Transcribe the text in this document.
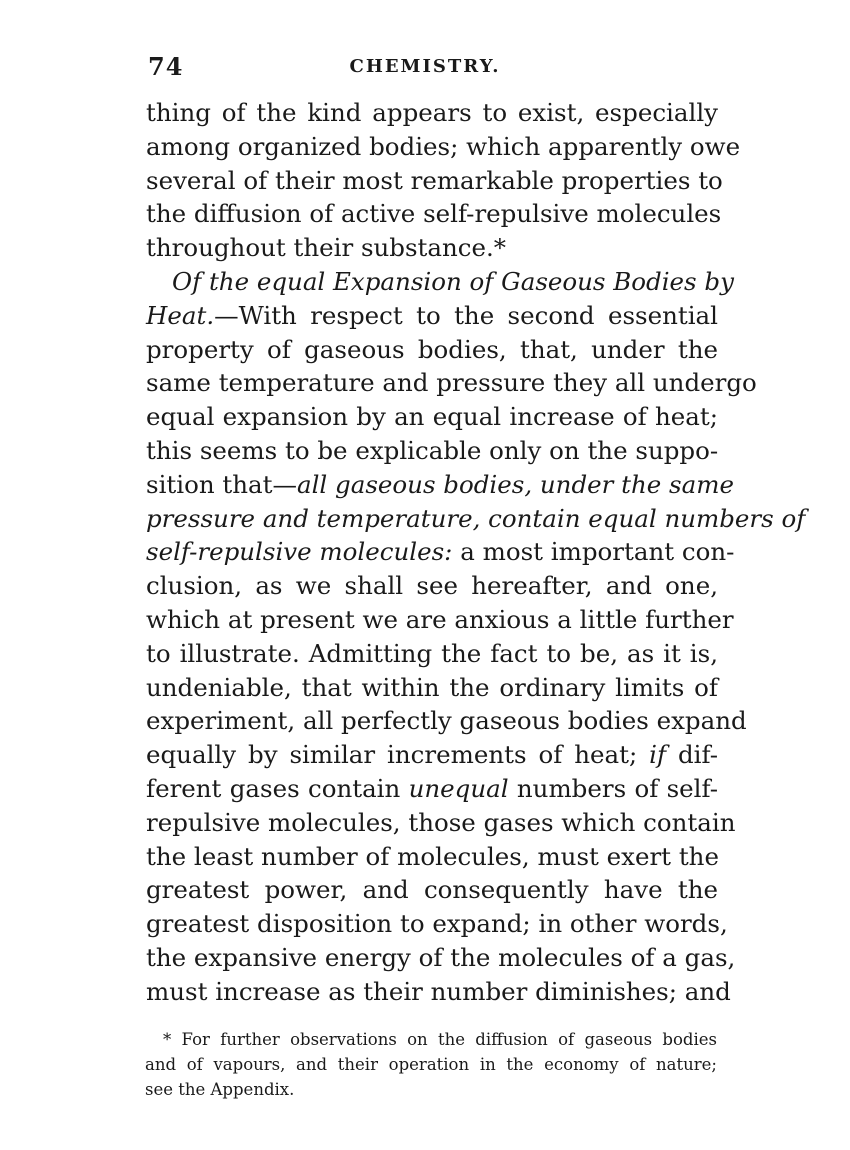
74	CHEMISTRY.
thing of the kind appears to exist, especially
among organized bodies; which apparently owe
several of their most remarkable properties to
the diffusion of active self-repulsive molecules
throughout their substance.*
Of the equal Expansion of Gaseous Bodies by
Heat.—With respect to the second essential
property of gaseous bodies, that, under the
same temperature and pressure they all undergo
equal expansion by an equal increase of heat;
this seems to be explicable only on the suppo-
sition that—all gaseous bodies, under the same
pressure and temperature, contain equal numbers of
self-repulsive molecules: a most important con-
clusion, as we shall see hereafter, and one,
which at present we are anxious a little further
to illustrate. Admitting the fact to be, as it is,
undeniable, that within the ordinary limits of
experiment, all perfectly gaseous bodies expand
equally by similar increments of heat; if dif-
ferent gases contain unequal numbers of self-
repulsive molecules, those gases which contain
the least number of molecules, must exert the
greatest power, and consequently have the
greatest disposition to expand; in other words,
the expansive energy of the molecules of a gas,
must increase as their number diminishes; and
* For further observations on the diffusion of gaseous bodies
and of vapours, and their operation in the economy of nature;
see the Appendix.
